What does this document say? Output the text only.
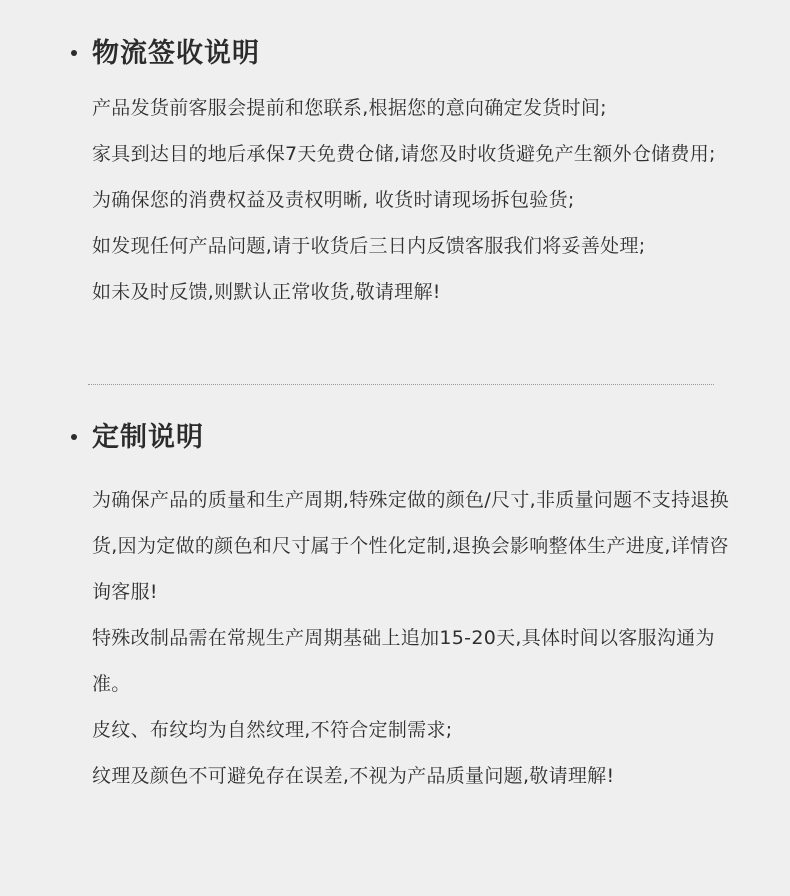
物流签收说明
产品发货前客服会提前和您联系,根据您的意向确定发货时间;
家具到达目的地后承保7天免费仓储,请您及时收货避免产生额外仓储费用;
为确保您的消费权益及责权明晰, 收货时请现场拆包验货;
如发现任何产品问题,请于收货后三日内反馈客服我们将妥善处理;
如未及时反馈,则默认正常收货,敬请理解!
定制说明
为确保产品的质量和生产周期,特殊定做的颜色/尺寸,非质量问题不支持退换货,因为定做的颜色和尺寸属于个性化定制,退换会影响整体生产进度,详情咨询客服!
特殊改制品需在常规生产周期基础上追加15-20天,具体时间以客服沟通为准。
皮纹、布纹均为自然纹理,不符合定制需求;
纹理及颜色不可避免存在误差,不视为产品质量问题,敬请理解!
